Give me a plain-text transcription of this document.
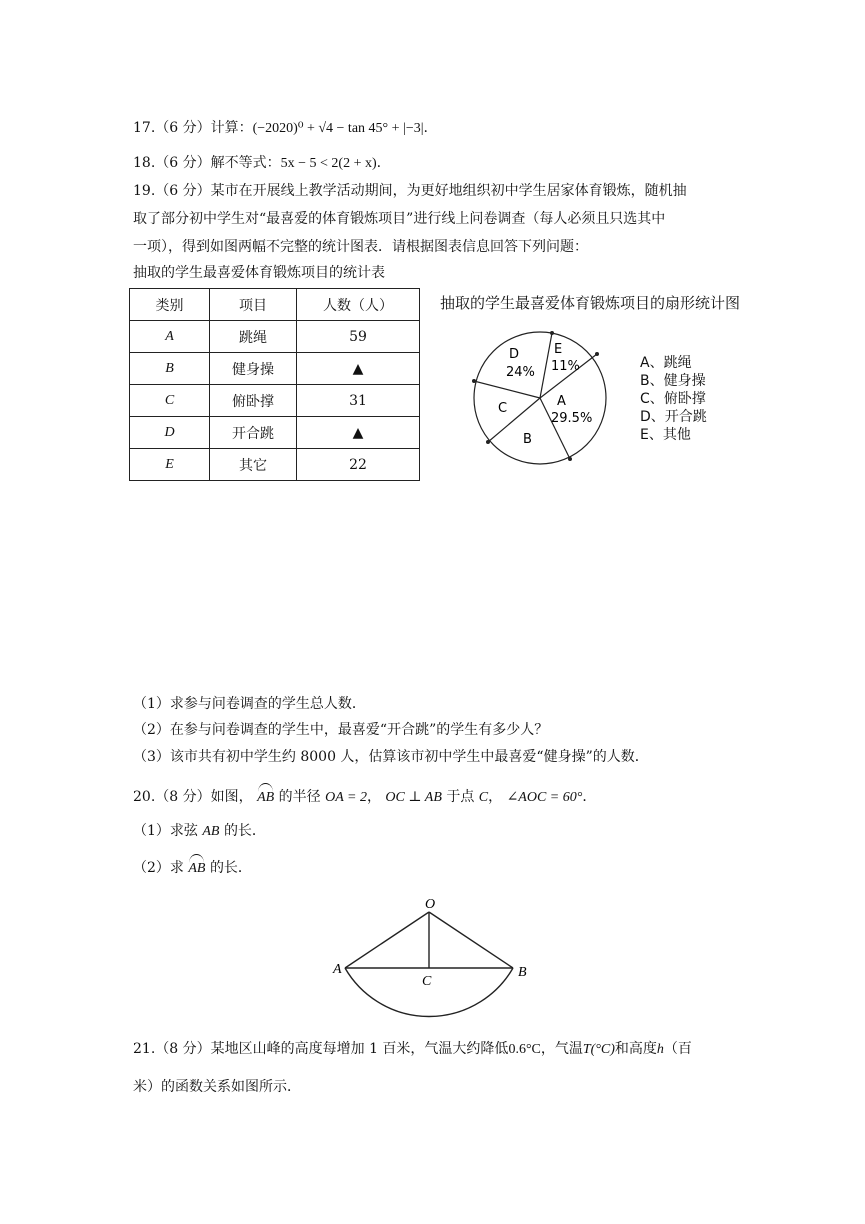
17.（6 分）计算：(−2020)⁰ + √4 − tan 45° + |−3|.
18.（6 分）解不等式：5x − 5 < 2(2 + x).
19.（6 分）某市在开展线上教学活动期间，为更好地组织初中学生居家体育锻炼，随机抽
取了部分初中学生对“最喜爱的体育锻炼项目”进行线上问卷调查（每人必须且只选其中
一项），得到如图两幅不完整的统计图表．请根据图表信息回答下列问题：
抽取的学生最喜爱体育锻炼项目的统计表
类别	项目	人数（人）
A	跳绳	59
B	健身操	▲
C	俯卧撑	31
D	开合跳	▲
E	其它	22
抽取的学生最喜爱体育锻炼项目的扇形统计图
D
24%
E
11%
A
29.5%
B
C
A、跳绳
B、健身操
C、俯卧撑
D、开合跳
E、其他
（1）求参与问卷调查的学生总人数．
（2）在参与问卷调查的学生中，最喜爱“开合跳”的学生有多少人？
（3）该市共有初中学生约 8000 人，估算该市初中学生中最喜爱“健身操”的人数．
20.（8 分）如图， AB 的半径 OA = 2， OC ⊥ AB 于点 C， ∠AOC = 60°．
（1）求弦 AB 的长．
（2）求 AB 的长．
O
A	B
C
21.（8 分）某地区山峰的高度每增加 1 百米，气温大约降低0.6°C，气温T(°C)和高度h（百
米）的函数关系如图所示．
